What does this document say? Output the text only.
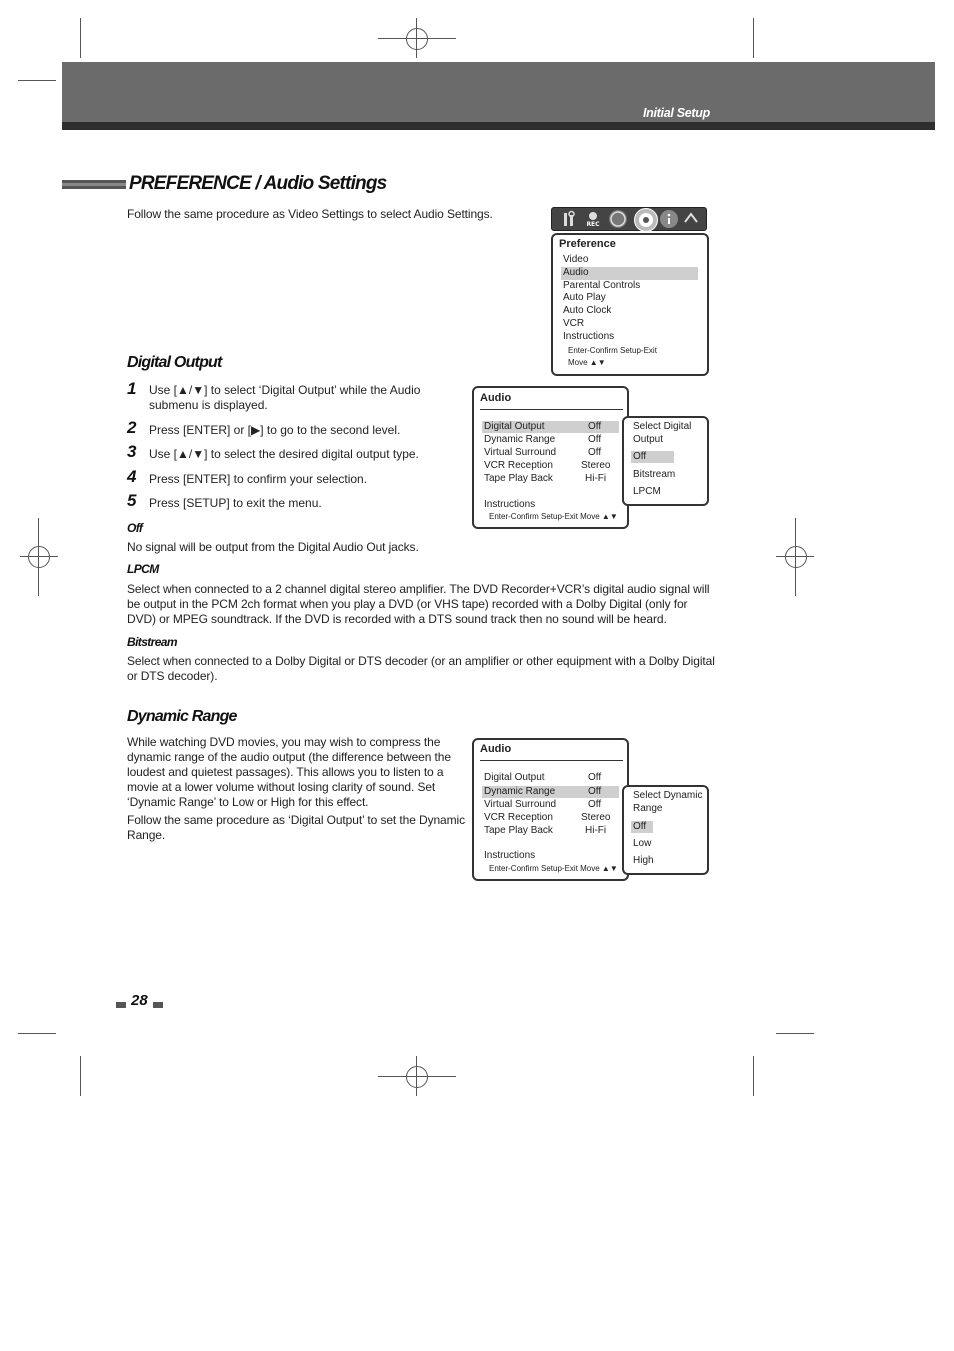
Initial Setup
PREFERENCE / Audio Settings
Follow the same procedure as Video Settings to select Audio Settings.
REC
Preference
Video
Audio
Parental Controls
Auto Play
Auto Clock
VCR
Instructions
Enter-Confirm Setup-Exit
Move ▲▼
Digital Output
1 Use [▲/▼] to select ‘Digital Output’ while the Audio submenu is displayed.
2 Press [ENTER] or [▶] to go to the second level.
3 Use [▲/▼] to select the desired digital output type.
4 Press [ENTER] to confirm your selection.
5 Press [SETUP] to exit the menu.
Off
No signal will be output from the Digital Audio Out jacks.
LPCM
Select when connected to a 2 channel digital stereo amplifier. The DVD Recorder+VCR’s digital audio signal will be output in the PCM 2ch format when you play a DVD (or VHS tape) recorded with a Dolby Digital (only for DVD) or MPEG soundtrack. If the DVD is recorded with a DTS sound track then no sound will be heard.
Bitstream
Select when connected to a Dolby Digital or DTS decoder (or an amplifier or other equipment with a Dolby Digital or DTS decoder).
Audio
Digital Output	Off
Dynamic Range	Off
Virtual Surround	Off
VCR Reception	Stereo
Tape Play Back	Hi-Fi
Instructions
Enter-Confirm Setup-Exit Move ▲▼
Select Digital
Output
Off
Bitstream
LPCM
Dynamic Range
While watching DVD movies, you may wish to compress the dynamic range of the audio output (the difference between the loudest and quietest passages). This allows you to listen to a movie at a lower volume without losing clarity of sound. Set ‘Dynamic Range’ to Low or High for this effect.
Follow the same procedure as ‘Digital Output’ to set the Dynamic Range.
Audio
Digital Output	Off
Dynamic Range	Off
Virtual Surround	Off
VCR Reception	Stereo
Tape Play Back	Hi-Fi
Instructions
Enter-Confirm Setup-Exit Move ▲▼
Select Dynamic
Range
Off
Low
High
28
